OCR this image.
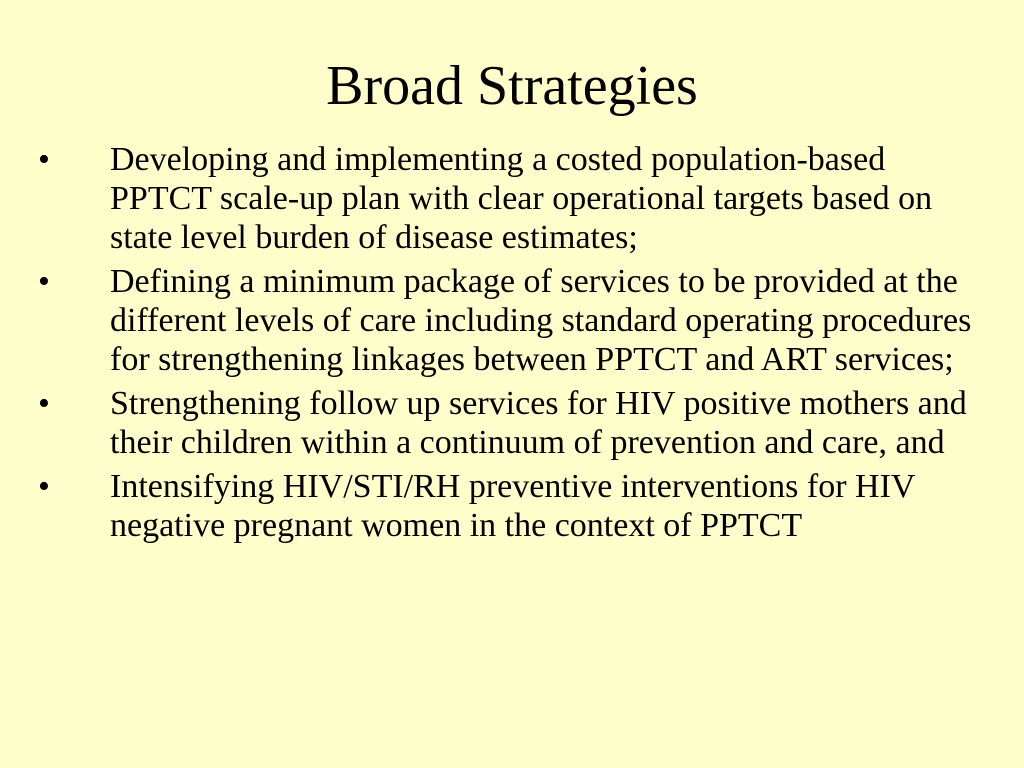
Broad Strategies
• Developing and implementing a costed population-based PPTCT scale-up plan with clear operational targets based on state level burden of disease estimates;
• Defining a minimum package of services to be provided at the different levels of care including standard operating procedures for strengthening linkages between PPTCT and ART services;
• Strengthening follow up services for HIV positive mothers and their children within a continuum of prevention and care, and
• Intensifying HIV/STI/RH preventive interventions for HIV negative pregnant women in the context of PPTCT
